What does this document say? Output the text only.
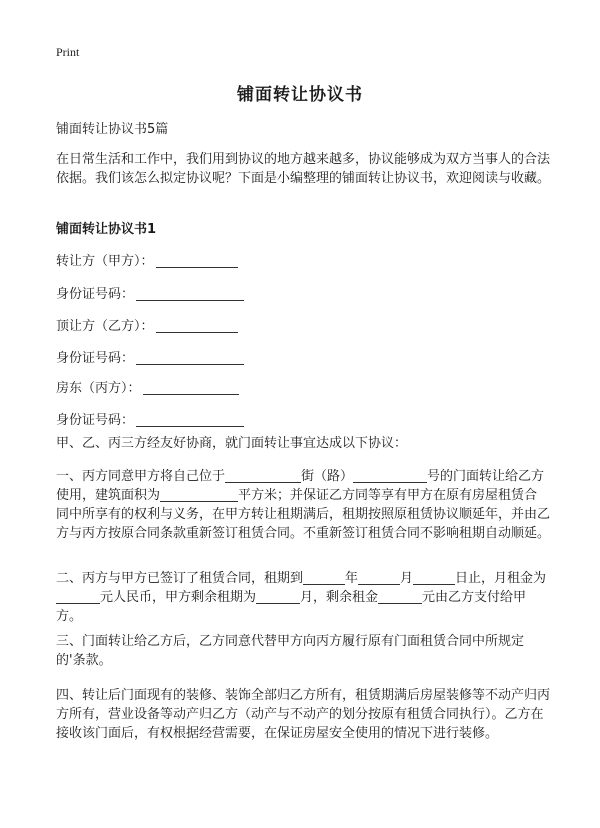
Print
铺面转让协议书
铺面转让协议书5篇

在日常生活和工作中，我们用到协议的地方越来越多，协议能够成为双方当事人的合法依据。我们该怎么拟定协议呢？下面是小编整理的铺面转让协议书，欢迎阅读与收藏。

铺面转让协议书1
转让方（甲方）：
身份证号码：
顶让方（乙方）：
身份证号码：
房东（丙方）：
身份证号码：

甲、乙、丙三方经友好协商，就门面转让事宜达成以下协议：

一、丙方同意甲方将自己位于	街（路）	号的门面转让给乙方使用，建筑面积为	平方米；并保证乙方同等享有甲方在原有房屋租赁合同中所享有的权利与义务，在甲方转让租期满后，租期按照原租赁协议顺延年，并由乙方与丙方按原合同条款重新签订租赁合同。不重新签订租赁合同不影响租期自动顺延。

二、丙方与甲方已签订了租赁合同，租期到	年	月	日止，月租金为元人民币，甲方剩余租期为	月，剩余租金	元由乙方支付给甲方。

三、门面转让给乙方后，乙方同意代替甲方向丙方履行原有门面租赁合同中所规定的'条款。

四、转让后门面现有的装修、装饰全部归乙方所有，租赁期满后房屋装修等不动产归丙方所有，营业设备等动产归乙方（动产与不动产的划分按原有租赁合同执行）。乙方在接收该门面后，有权根据经营需要，在保证房屋安全使用的情况下进行装修。
